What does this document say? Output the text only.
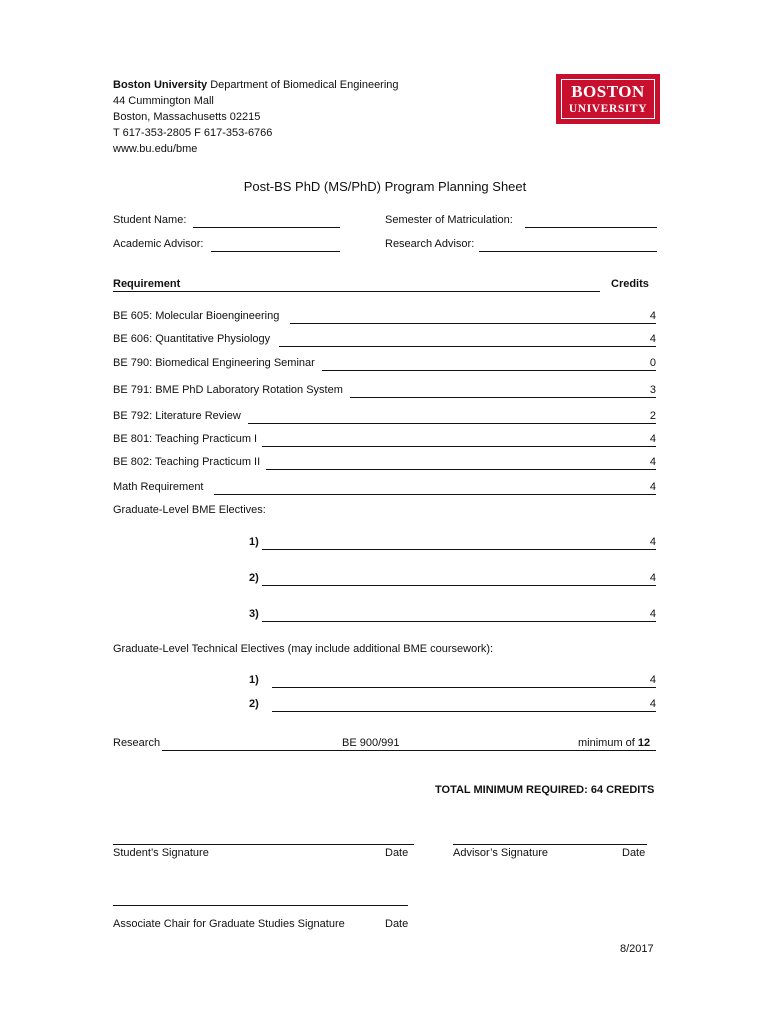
Boston University Department of Biomedical Engineering
44 Cummington Mall
Boston, Massachusetts 02215
T 617-353-2805 F 617-353-6766
www.bu.edu/bme
BOSTON
UNIVERSITY
Post-BS PhD (MS/PhD) Program Planning Sheet
Student Name:	Semester of Matriculation:
Academic Advisor:	Research Advisor:
Requirement	Credits
BE 605: Molecular Bioengineering	4
BE 606: Quantitative Physiology	4
BE 790: Biomedical Engineering Seminar	0
BE 791: BME PhD Laboratory Rotation System	3
BE 792: Literature Review	2
BE 801: Teaching Practicum I	4
BE 802: Teaching Practicum II	4
Math Requirement	4
Graduate-Level BME Electives:
1)	4
2)	4
3)	4
Graduate-Level Technical Electives (may include additional BME coursework):
1)	4
2)	4
Research	BE 900/991	minimum of 12
TOTAL MINIMUM REQUIRED: 64 CREDITS
Student’s Signature	Date	Advisor’s Signature	Date
Associate Chair for Graduate Studies Signature	Date
8/2017
